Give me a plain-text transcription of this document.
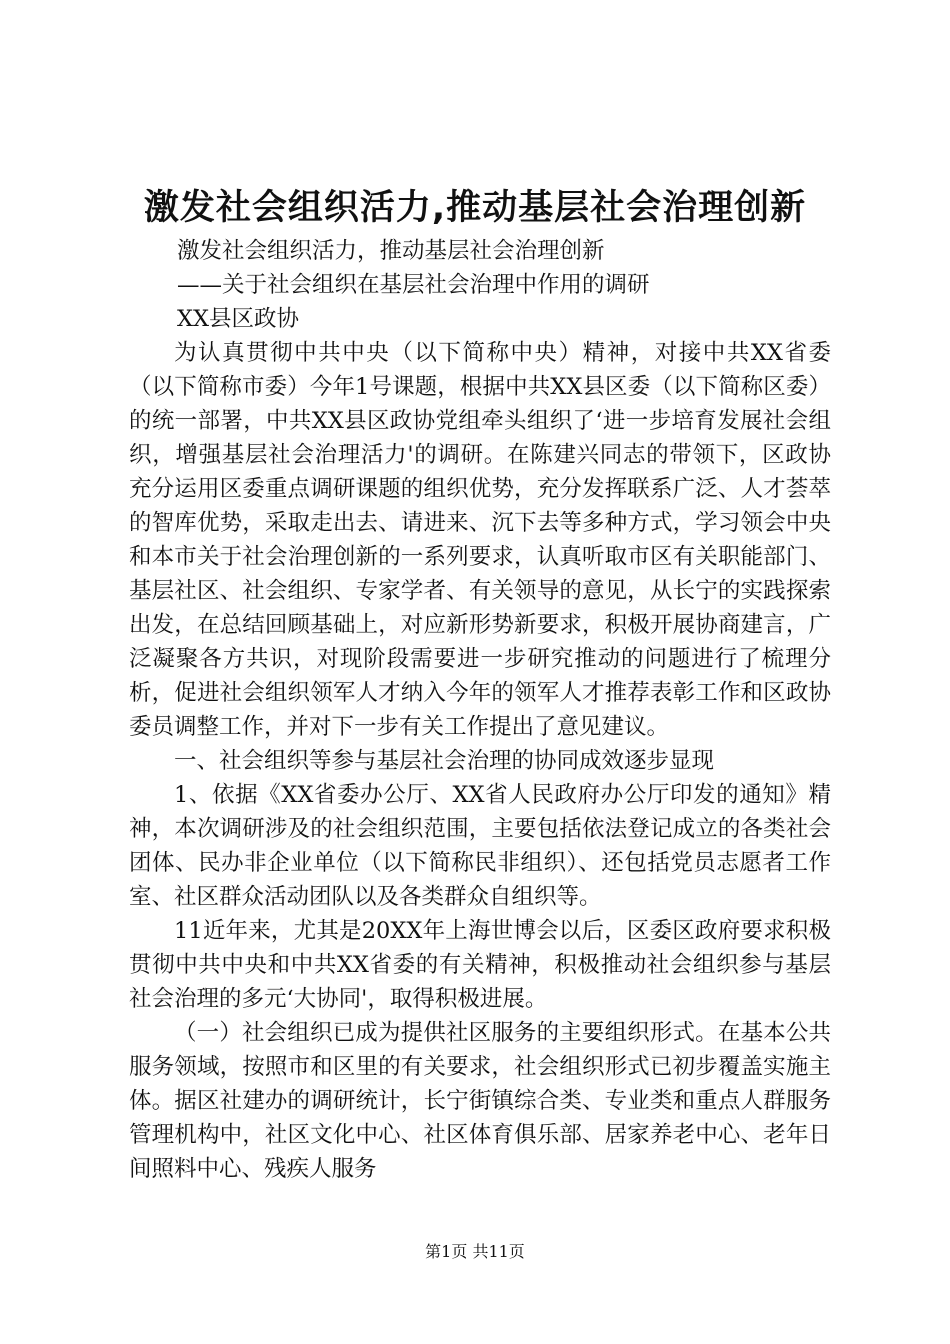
激发社会组织活力,推动基层社会治理创新

激发社会组织活力，推动基层社会治理创新

——关于社会组织在基层社会治理中作用的调研

XX县区政协

为认真贯彻中共中央（以下简称中央）精神，对接中共XX省委（以下简称市委）今年1号课题，根据中共XX县区委（以下简称区委）的统一部署，中共XX县区政协党组牵头组织了‘进一步培育发展社会组织，增强基层社会治理活力'的调研。在陈建兴同志的带领下，区政协充分运用区委重点调研课题的组织优势，充分发挥联系广泛、人才荟萃的智库优势，采取走出去、请进来、沉下去等多种方式，学习领会中央和本市关于社会治理创新的一系列要求，认真听取市区有关职能部门、基层社区、社会组织、专家学者、有关领导的意见，从长宁的实践探索出发，在总结回顾基础上，对应新形势新要求，积极开展协商建言，广泛凝聚各方共识，对现阶段需要进一步研究推动的问题进行了梳理分析，促进社会组织领军人才纳入今年的领军人才推荐表彰工作和区政协委员调整工作，并对下一步有关工作提出了意见建议。

一、社会组织等参与基层社会治理的协同成效逐步显现

1、依据《XX省委办公厅、XX省人民政府办公厅印发的通知》精神，本次调研涉及的社会组织范围，主要包括依法登记成立的各类社会团体、民办非企业单位（以下简称民非组织）、还包括党员志愿者工作室、社区群众活动团队以及各类群众自组织等。

11近年来，尤其是20XX年上海世博会以后，区委区政府要求积极贯彻中共中央和中共XX省委的有关精神，积极推动社会组织参与基层社会治理的多元‘大协同'，取得积极进展。

（一）社会组织已成为提供社区服务的主要组织形式。在基本公共服务领域，按照市和区里的有关要求，社会组织形式已初步覆盖实施主体。据区社建办的调研统计，长宁街镇综合类、专业类和重点人群服务管理机构中，社区文化中心、社区体育俱乐部、居家养老中心、老年日间照料中心、残疾人服务

第1页 共11页
